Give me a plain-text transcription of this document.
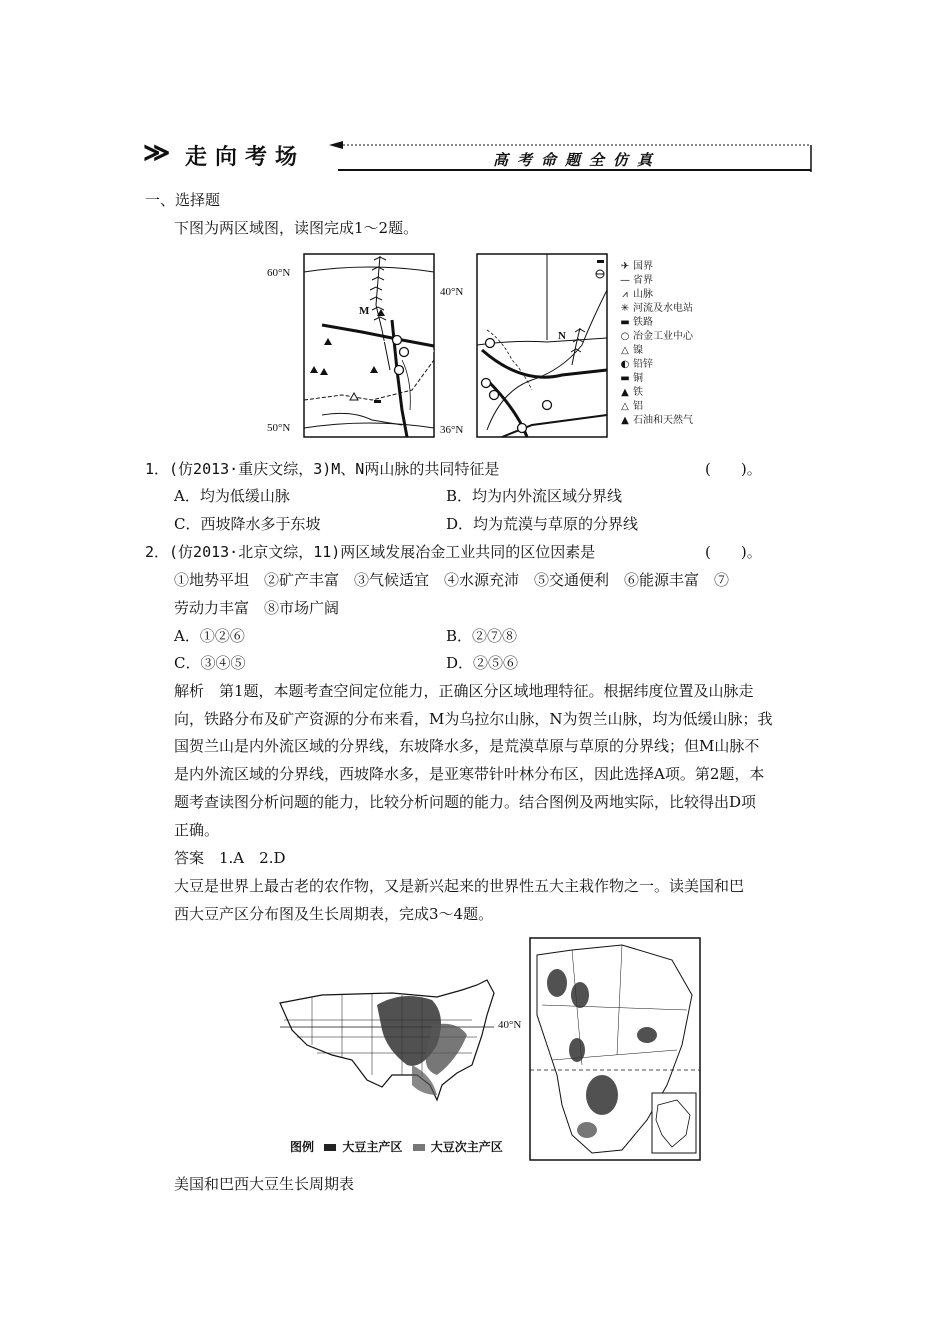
≫ 走向考场	高考命题全仿真
一、选择题
下图为两区域图，读图完成1～2题。
60°N
50°N
M
40°N
36°N
N
✈ 国界
— 省界
⩘ 山脉
✳ 河流及水电站
▬ 铁路
○ 冶金工业中心
△ 镍
◐ 铅锌
▬ 铜
▲ 铁
△ 铝
▲ 石油和天然气
1．(仿2013·重庆文综，3)M、N两山脉的共同特征是	(　　)。
A．均为低缓山脉	B．均为内外流区域分界线
C．西坡降水多于东坡	D．均为荒漠与草原的分界线
2．(仿2013·北京文综，11)两区域发展冶金工业共同的区位因素是	(　　)。
①地势平坦　②矿产丰富　③气候适宜　④水源充沛　⑤交通便利　⑥能源丰富　⑦
劳动力丰富　⑧市场广阔
A．①②⑥	B．②⑦⑧
C．③④⑤	D．②⑤⑥
解析　第1题，本题考查空间定位能力，正确区分区域地理特征。根据纬度位置及山脉走
向，铁路分布及矿产资源的分布来看，M为乌拉尔山脉，N为贺兰山脉，均为低缓山脉；我
国贺兰山是内外流区域的分界线，东坡降水多，是荒漠草原与草原的分界线；但M山脉不
是内外流区域的分界线，西坡降水多，是亚寒带针叶林分布区，因此选择A项。第2题，本
题考查读图分析问题的能力，比较分析问题的能力。结合图例及两地实际，比较得出D项
正确。
答案　1.A　2.D
大豆是世界上最古老的农作物，又是新兴起来的世界性五大主栽作物之一。读美国和巴
西大豆产区分布图及生长周期表，完成3～4题。
40°N
图例 大豆主产区 大豆次主产区
美国和巴西大豆生长周期表
